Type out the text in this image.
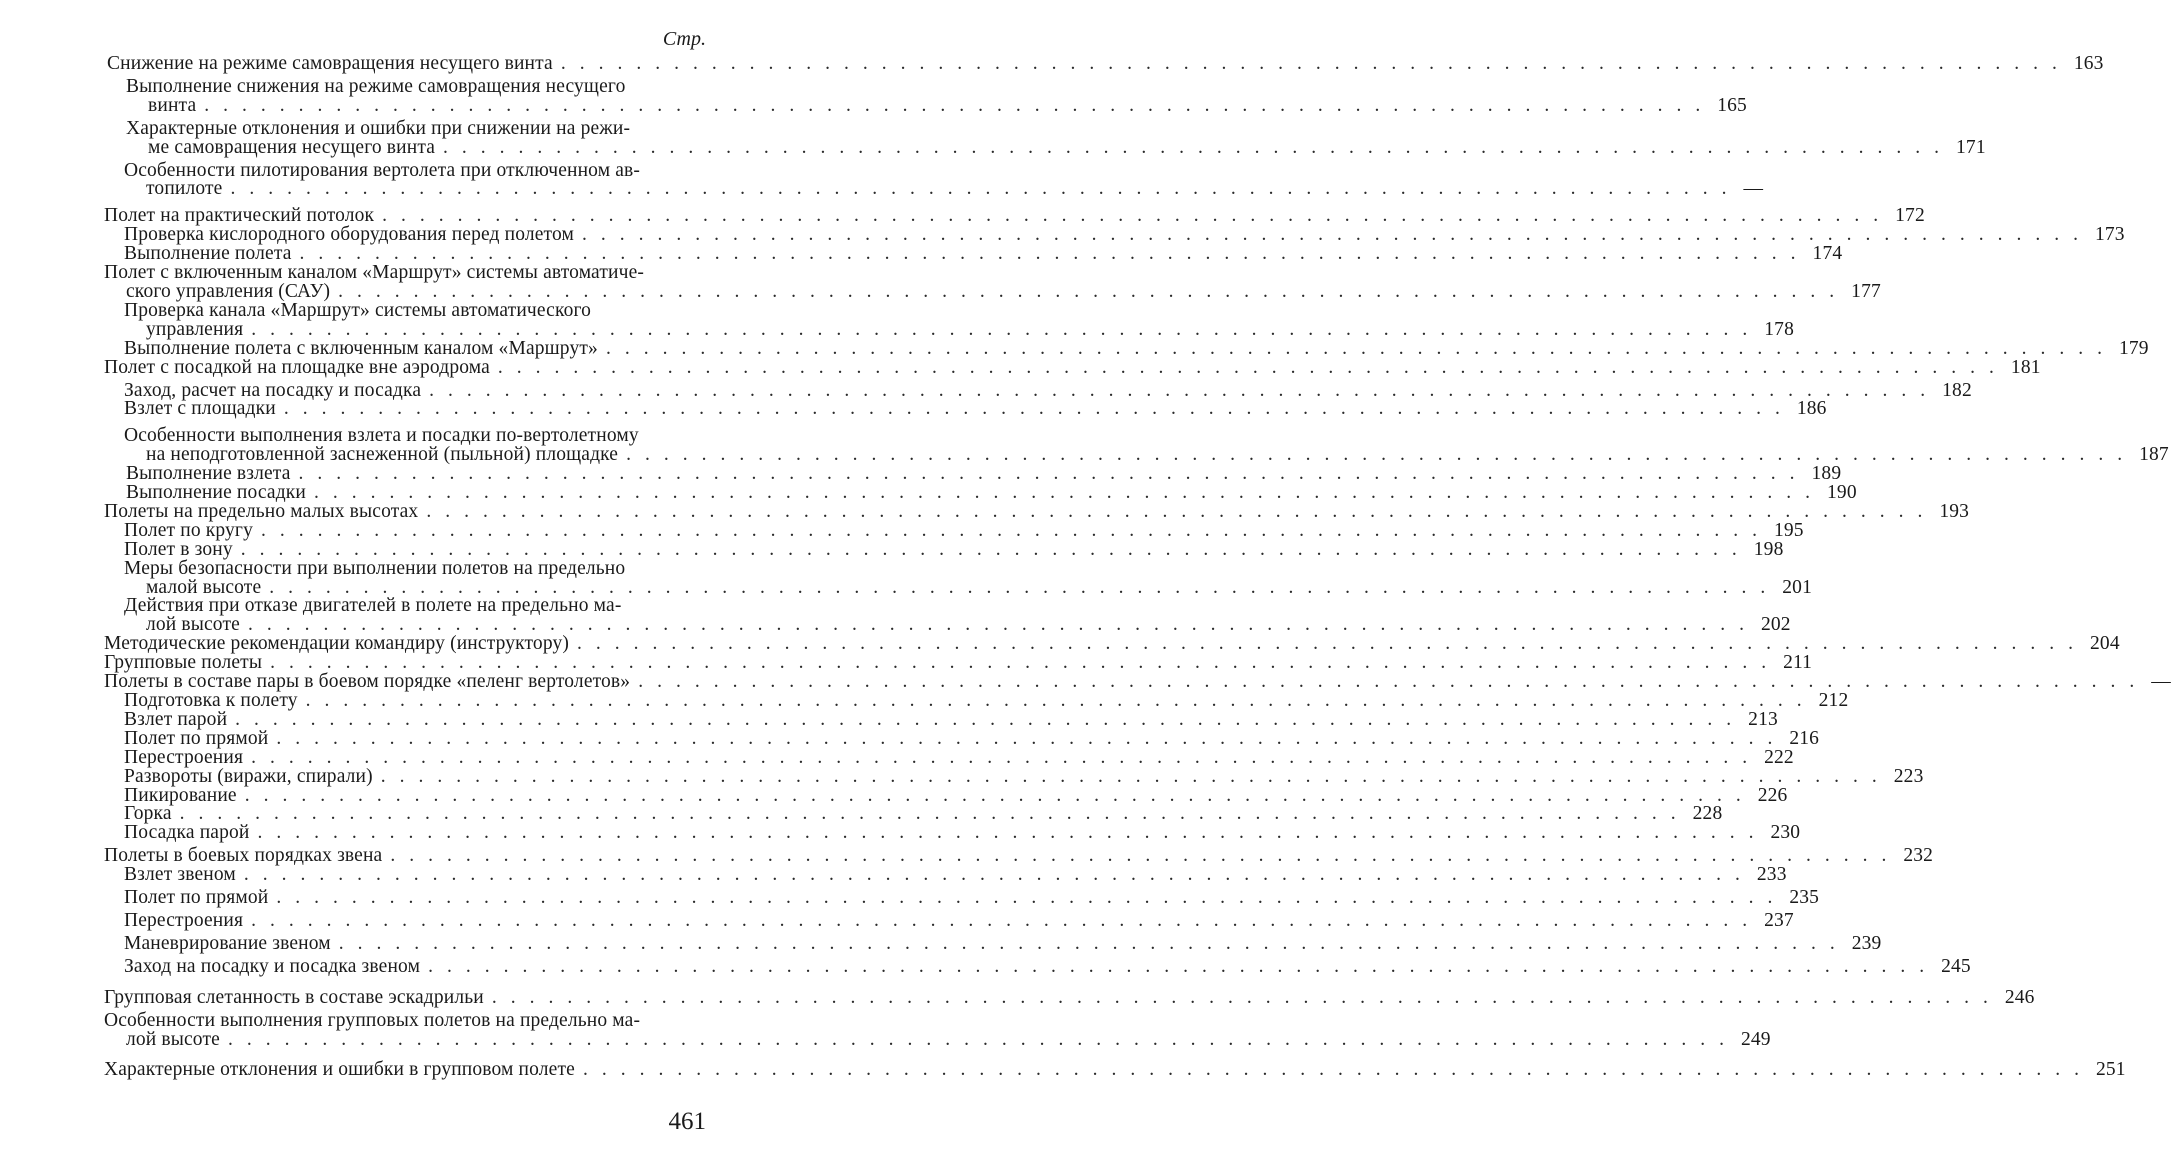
Стр.
Снижение на режиме самовращения несущего винта ................................................................................ 163
Выполнение снижения на режиме самовращения несущего
винта ................................................................................ 165
Характерные отклонения и ошибки при снижении на режи-
ме самовращения несущего винта ................................................................................ 171
Особенности пилотирования вертолета при отключенном ав-
топилоте ................................................................................ —
Полет на практический потолок ................................................................................ 172
Проверка кислородного оборудования перед полетом ................................................................................ 173
Выполнение полета ................................................................................ 174
Полет с включенным каналом «Маршрут» системы автоматиче-
ского управления (САУ) ................................................................................ 177
Проверка канала «Маршрут» системы автоматического
управления ................................................................................ 178
Выполнение полета с включенным каналом «Маршрут» ................................................................................ 179
Полет с посадкой на площадке вне аэродрома ................................................................................ 181
Заход, расчет на посадку и посадка ................................................................................ 182
Взлет с площадки ................................................................................ 186
Особенности выполнения взлета и посадки по-вертолетному
на неподготовленной заснеженной (пыльной) площадке ................................................................................ 187
Выполнение взлета ................................................................................ 189
Выполнение посадки ................................................................................ 190
Полеты на предельно малых высотах ................................................................................ 193
Полет по кругу ................................................................................ 195
Полет в зону ................................................................................ 198
Меры безопасности при выполнении полетов на предельно
малой высоте ................................................................................ 201
Действия при отказе двигателей в полете на предельно ма-
лой высоте ................................................................................ 202
Методические рекомендации командиру (инструктору) ................................................................................ 204
Групповые полеты ................................................................................ 211
Полеты в составе пары в боевом порядке «пеленг вертолетов» ................................................................................ —
Подготовка к полету ................................................................................ 212
Взлет парой ................................................................................ 213
Полет по прямой ................................................................................ 216
Перестроения ................................................................................ 222
Развороты (виражи, спирали) ................................................................................ 223
Пикирование ................................................................................ 226
Горка ................................................................................ 228
Посадка парой ................................................................................ 230
Полеты в боевых порядках звена ................................................................................ 232
Взлет звеном ................................................................................ 233
Полет по прямой ................................................................................ 235
Перестроения ................................................................................ 237
Маневрирование звеном ................................................................................ 239
Заход на посадку и посадка звеном ................................................................................ 245
Групповая слетанность в составе эскадрильи ................................................................................ 246
Особенности выполнения групповых полетов на предельно ма-
лой высоте ................................................................................ 249
Характерные отклонения и ошибки в групповом полете ................................................................................ 251
461
